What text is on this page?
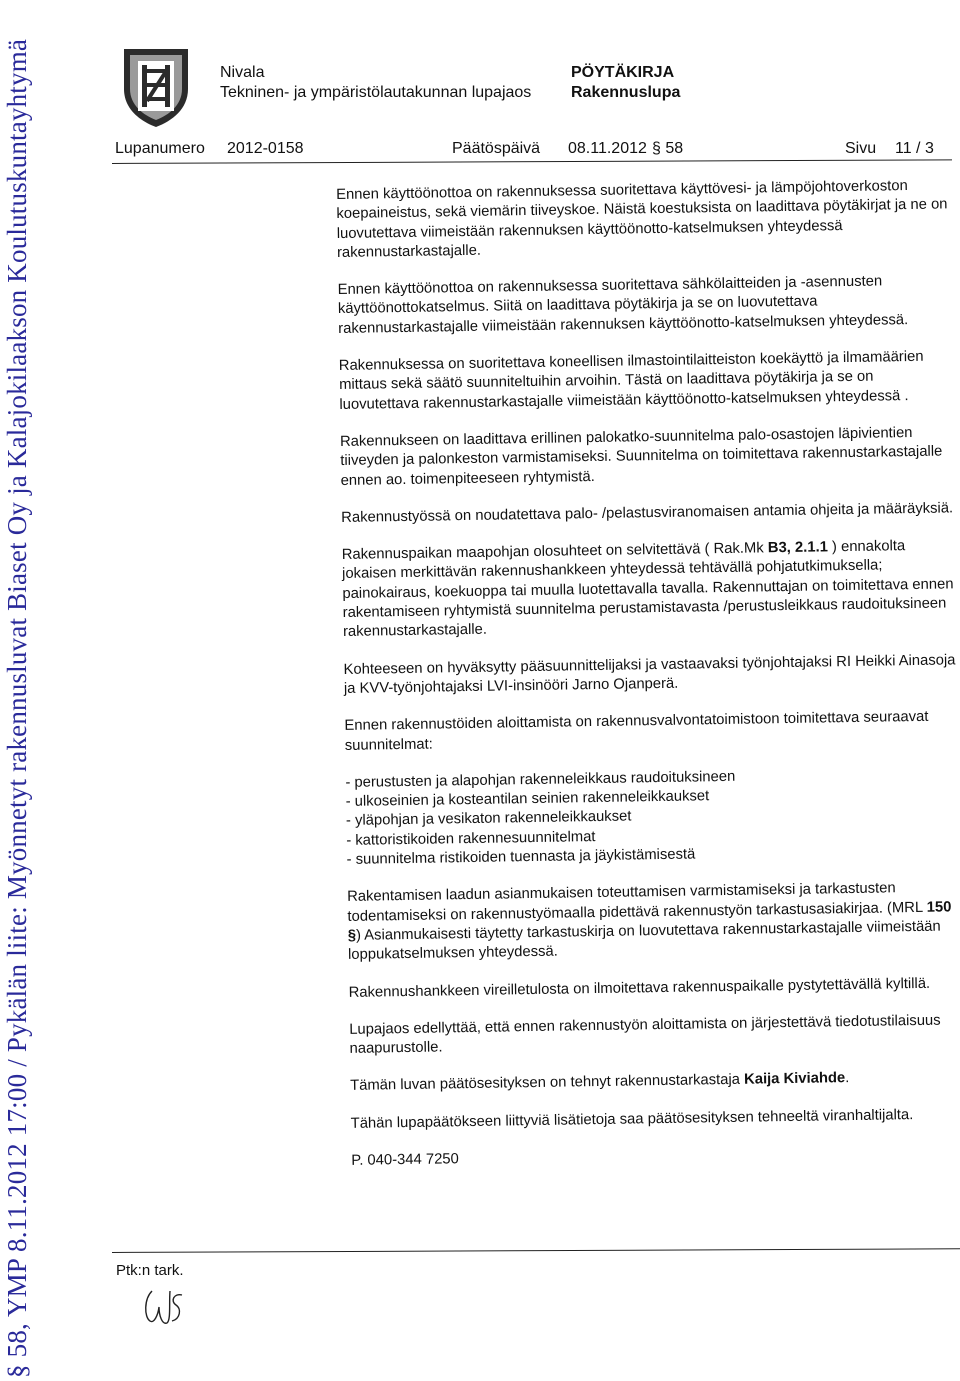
§ 58, YMP 8.11.2012 17:00 / Pykälän liite: Myönnetyt rakennusluvat Biaset Oy ja Kalajokilaakson Koulutuskuntayhtymä	Nivala
Tekninen- ja ympäristölautakunnan lupajaos
PÖYTÄKIRJA
Rakennuslupa
Lupanumero 2012-0158	Päätöspäivä 08.11.2012 § 58	Sivu 11 / 3

Ennen käyttöönottoa on rakennuksessa suoritettava käyttövesi- ja lämpöjohtoverkoston koepaineistus, sekä viemärin tiiveyskoe. Näistä koestuksista on laadittava pöytäkirjat ja ne on luovutettava viimeistään rakennuksen käyttöönotto-katselmuksen yhteydessä rakennustarkastajalle.

Ennen käyttöönottoa on rakennuksessa suoritettava sähkölaitteiden ja -asennusten käyttöönottokatselmus. Siitä on laadittava pöytäkirja ja se on luovutettava rakennustarkastajalle viimeistään rakennuksen käyttöönotto-katselmuksen yhteydessä.

Rakennuksessa on suoritettava koneellisen ilmastointilaitteiston koekäyttö ja ilmamäärien mittaus sekä säätö suunniteltuihin arvoihin. Tästä on laadittava pöytäkirja ja se on luovutettava rakennustarkastajalle viimeistään käyttöönotto-katselmuksen yhteydessä .

Rakennukseen on laadittava erillinen palokatko-suunnitelma palo-osastojen läpivientien tiiveyden ja palonkeston varmistamiseksi. Suunnitelma on toimitettava rakennustarkastajalle ennen ao. toimenpiteeseen ryhtymistä.

Rakennustyössä on noudatettava palo- /pelastusviranomaisen antamia ohjeita ja määräyksiä.

Rakennuspaikan maapohjan olosuhteet on selvitettävä ( Rak.Mk B3, 2.1.1 ) ennakolta jokaisen merkittävän rakennushankkeen yhteydessä tehtävällä pohjatutkimuksella; painokairaus, koekuoppa tai muulla luotettavalla tavalla. Rakennuttajan on toimitettava ennen rakentamiseen ryhtymistä suunnitelma perustamistavasta /perustusleikkaus raudoituksineen rakennustarkastajalle.

Kohteeseen on hyväksytty pääsuunnittelijaksi ja vastaavaksi työnjohtajaksi RI Heikki Ainasoja ja KVV-työnjohtajaksi LVI-insinööri Jarno Ojanperä.

Ennen rakennustöiden aloittamista on rakennusvalvontatoimistoon toimitettava seuraavat suunnitelmat:

- perustusten ja alapohjan rakenneleikkaus raudoituksineen
- ulkoseinien ja kosteantilan seinien rakenneleikkaukset
- yläpohjan ja vesikaton rakenneleikkaukset
- kattoristikoiden rakennesuunnitelmat
- suunnitelma ristikoiden tuennasta ja jäykistämisestä

Rakentamisen laadun asianmukaisen toteuttamisen varmistamiseksi ja tarkastusten todentamiseksi on rakennustyömaalla pidettävä rakennustyön tarkastusasiakirjaa. (MRL 150 §) Asianmukaisesti täytetty tarkastuskirja on luovutettava rakennustarkastajalle viimeistään loppukatselmuksen yhteydessä.

Rakennushankkeen vireilletulosta on ilmoitettava rakennuspaikalle pystytettävällä kyltillä.

Lupajaos edellyttää, että ennen rakennustyön aloittamista on järjestettävä tiedotustilaisuus naapurustolle.

Tämän luvan päätösesityksen on tehnyt rakennustarkastaja Kaija Kiviahde.

Tähän lupapäätökseen liittyviä lisätietoja saa päätösesityksen tehneeltä viranhaltijalta.

P. 040-344 7250

Ptk:n tark.
